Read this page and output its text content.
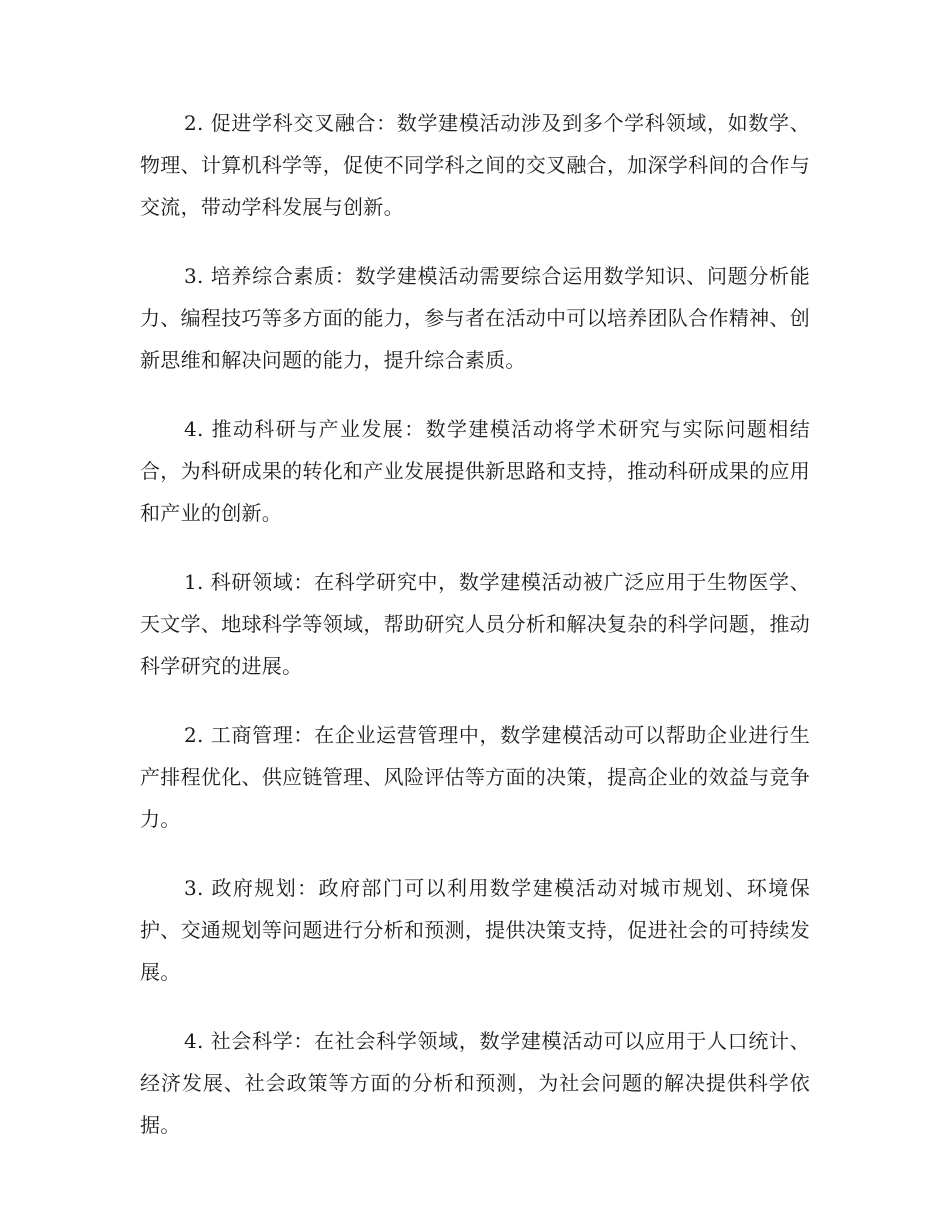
2. 促进学科交叉融合：数学建模活动涉及到多个学科领域，如数学、物理、计算机科学等，促使不同学科之间的交叉融合，加深学科间的合作与交流，带动学科发展与创新。

3. 培养综合素质：数学建模活动需要综合运用数学知识、问题分析能力、编程技巧等多方面的能力，参与者在活动中可以培养团队合作精神、创新思维和解决问题的能力，提升综合素质。

4. 推动科研与产业发展：数学建模活动将学术研究与实际问题相结合，为科研成果的转化和产业发展提供新思路和支持，推动科研成果的应用和产业的创新。

1. 科研领域：在科学研究中，数学建模活动被广泛应用于生物医学、天文学、地球科学等领域，帮助研究人员分析和解决复杂的科学问题，推动科学研究的进展。

2. 工商管理：在企业运营管理中，数学建模活动可以帮助企业进行生产排程优化、供应链管理、风险评估等方面的决策，提高企业的效益与竞争力。

3. 政府规划：政府部门可以利用数学建模活动对城市规划、环境保护、交通规划等问题进行分析和预测，提供决策支持，促进社会的可持续发展。

4. 社会科学：在社会科学领域，数学建模活动可以应用于人口统计、经济发展、社会政策等方面的分析和预测，为社会问题的解决提供科学依据。
